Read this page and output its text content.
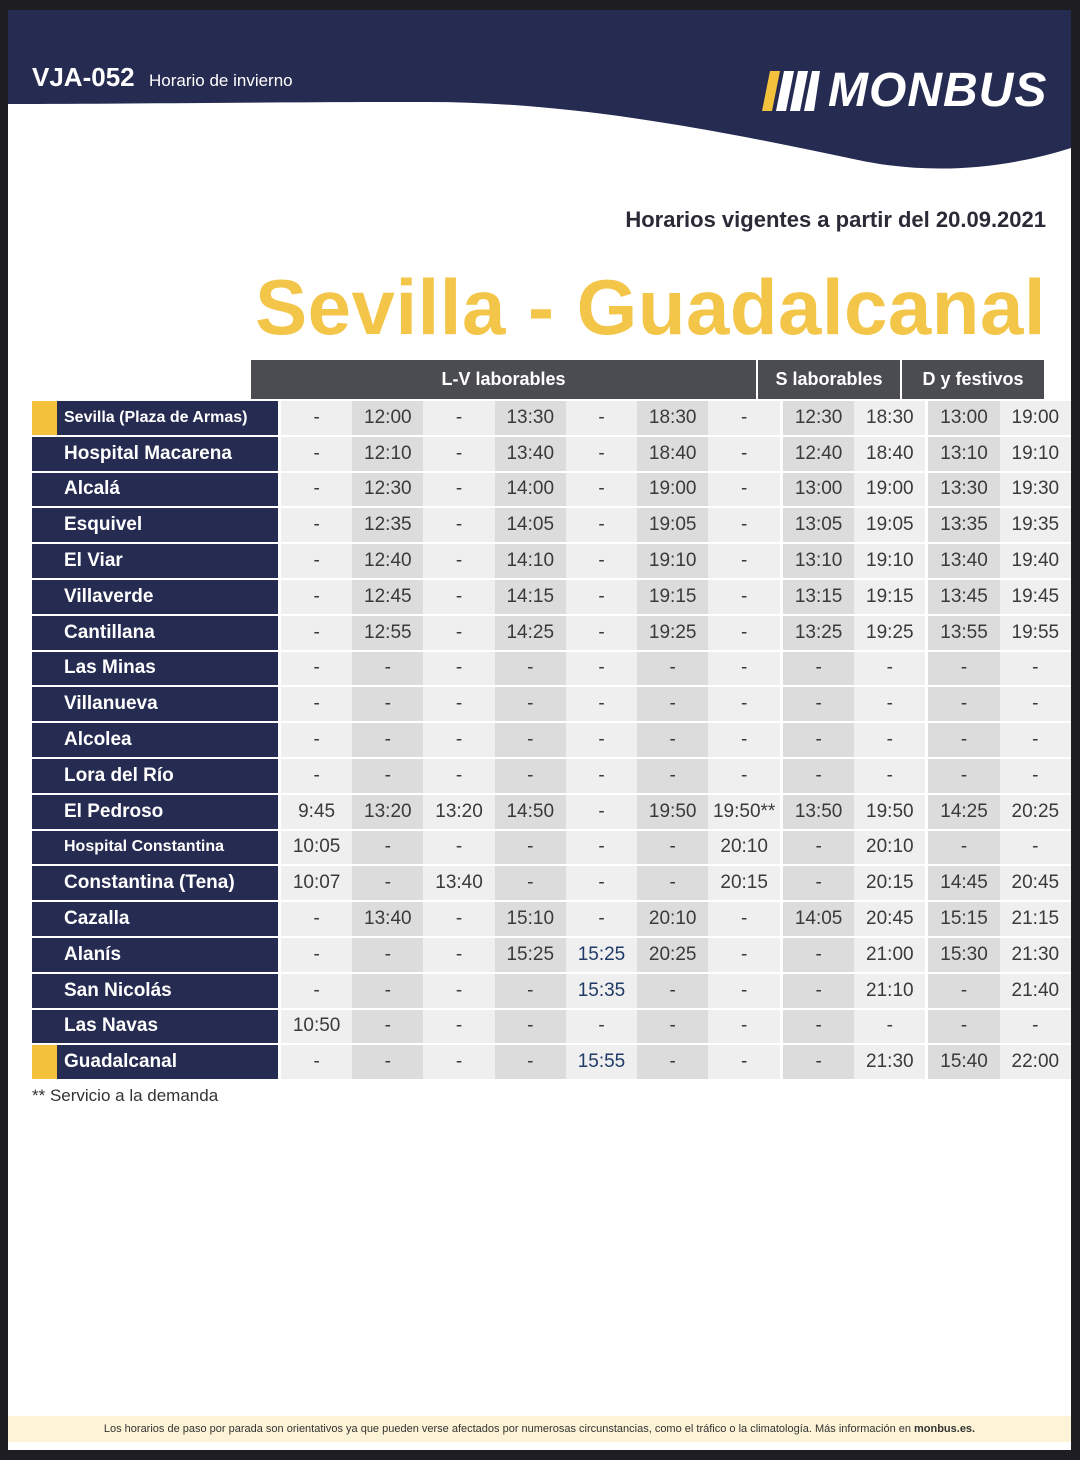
VJA-052 Horario de invierno	MONBUS
Horarios vigentes a partir del 20.09.2021
Sevilla - Guadalcanal
L-V laborables	S laborables	D y festivos
Sevilla (Plaza de Armas)	-	12:00	-	13:30	-	18:30	-	12:30	18:30	13:00	19:00
Hospital Macarena	-	12:10	-	13:40	-	18:40	-	12:40	18:40	13:10	19:10
Alcalá	-	12:30	-	14:00	-	19:00	-	13:00	19:00	13:30	19:30
Esquivel	-	12:35	-	14:05	-	19:05	-	13:05	19:05	13:35	19:35
El Viar	-	12:40	-	14:10	-	19:10	-	13:10	19:10	13:40	19:40
Villaverde	-	12:45	-	14:15	-	19:15	-	13:15	19:15	13:45	19:45
Cantillana	-	12:55	-	14:25	-	19:25	-	13:25	19:25	13:55	19:55
Las Minas	-	-	-	-	-	-	-	-	-	-	-
Villanueva	-	-	-	-	-	-	-	-	-	-	-
Alcolea	-	-	-	-	-	-	-	-	-	-	-
Lora del Río	-	-	-	-	-	-	-	-	-	-	-
El Pedroso	9:45	13:20	13:20	14:50	-	19:50	19:50**	13:50	19:50	14:25	20:25
Hospital Constantina	10:05	-	-	-	-	-	20:10	-	20:10	-	-
Constantina (Tena)	10:07	-	13:40	-	-	-	20:15	-	20:15	14:45	20:45
Cazalla	-	13:40	-	15:10	-	20:10	-	14:05	20:45	15:15	21:15
Alanís	-	-	-	15:25	15:25	20:25	-	-	21:00	15:30	21:30
San Nicolás	-	-	-	-	15:35	-	-	-	21:10	-	21:40
Las Navas	10:50	-	-	-	-	-	-	-	-	-	-

Guadalcanal	-	-	-	-	15:55	-	-	-	21:30	15:40	22:00
** Servicio a la demanda
Los horarios de paso por parada son orientativos ya que pueden verse afectados por numerosas circunstancias, como el tráfico o la climatología. Más información en monbus.es.
